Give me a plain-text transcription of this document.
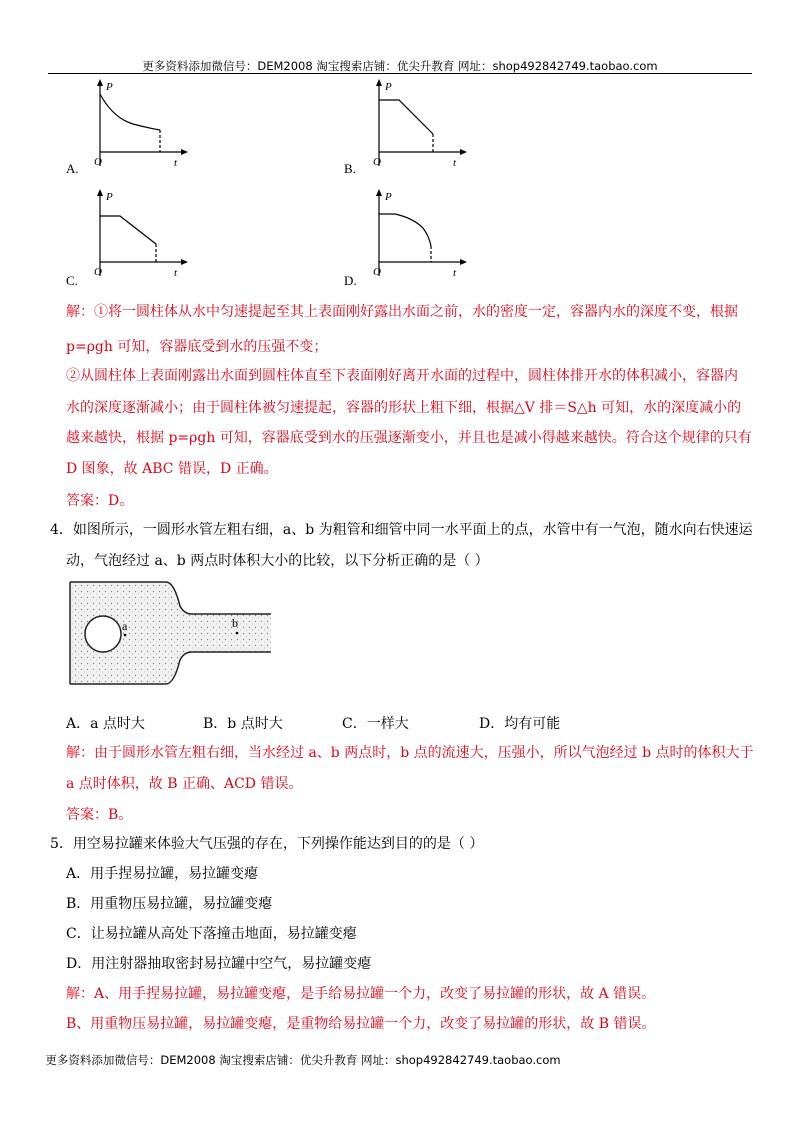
更多资料添加微信号：DEM2008 淘宝搜索店铺：优尖升教育 网址：shop492842749.taobao.com
P
O	t
A.
P
O	t
B.
P
O	t
C.
P
O	t
D.
解：①将一圆柱体从水中匀速提起至其上表面刚好露出水面之前，水的密度一定，容器内水的深度不变，根据
p=ρgh 可知，容器底受到水的压强不变；
②从圆柱体上表面刚露出水面到圆柱体直至下表面刚好离开水面的过程中，圆柱体排开水的体积减小，容器内
水的深度逐渐减小；由于圆柱体被匀速提起，容器的形状上粗下细，根据△V 排＝S△h 可知，水的深度减小的
越来越快，根据 p=ρgh 可知，容器底受到水的压强逐渐变小，并且也是减小得越来越快。符合这个规律的只有
D 图象，故 ABC 错误，D 正确。
答案：D。
4．如图所示，一圆形水管左粗右细，a、b 为粗管和细管中同一水平面上的点，水管中有一气泡，随水向右快速运
动，气泡经过 a、b 两点时体积大小的比较，以下分析正确的是（ ）
a	b
A．a 点时大	B．b 点时大	C．一样大	D．均有可能
解：由于圆形水管左粗右细，当水经过 a、b 两点时，b 点的流速大，压强小，所以气泡经过 b 点时的体积大于
a 点时体积，故 B 正确、ACD 错误。
答案：B。
5．用空易拉罐来体验大气压强的存在，下列操作能达到目的的是（ ）
A．用手捏易拉罐，易拉罐变瘪
B．用重物压易拉罐，易拉罐变瘪
C．让易拉罐从高处下落撞击地面，易拉罐变瘪
D．用注射器抽取密封易拉罐中空气，易拉罐变瘪
解：A、用手捏易拉罐，易拉罐变瘪，是手给易拉罐一个力，改变了易拉罐的形状，故 A 错误。
B、用重物压易拉罐，易拉罐变瘪，是重物给易拉罐一个力，改变了易拉罐的形状，故 B 错误。
更多资料添加微信号：DEM2008 淘宝搜索店铺：优尖升教育 网址：shop492842749.taobao.com
